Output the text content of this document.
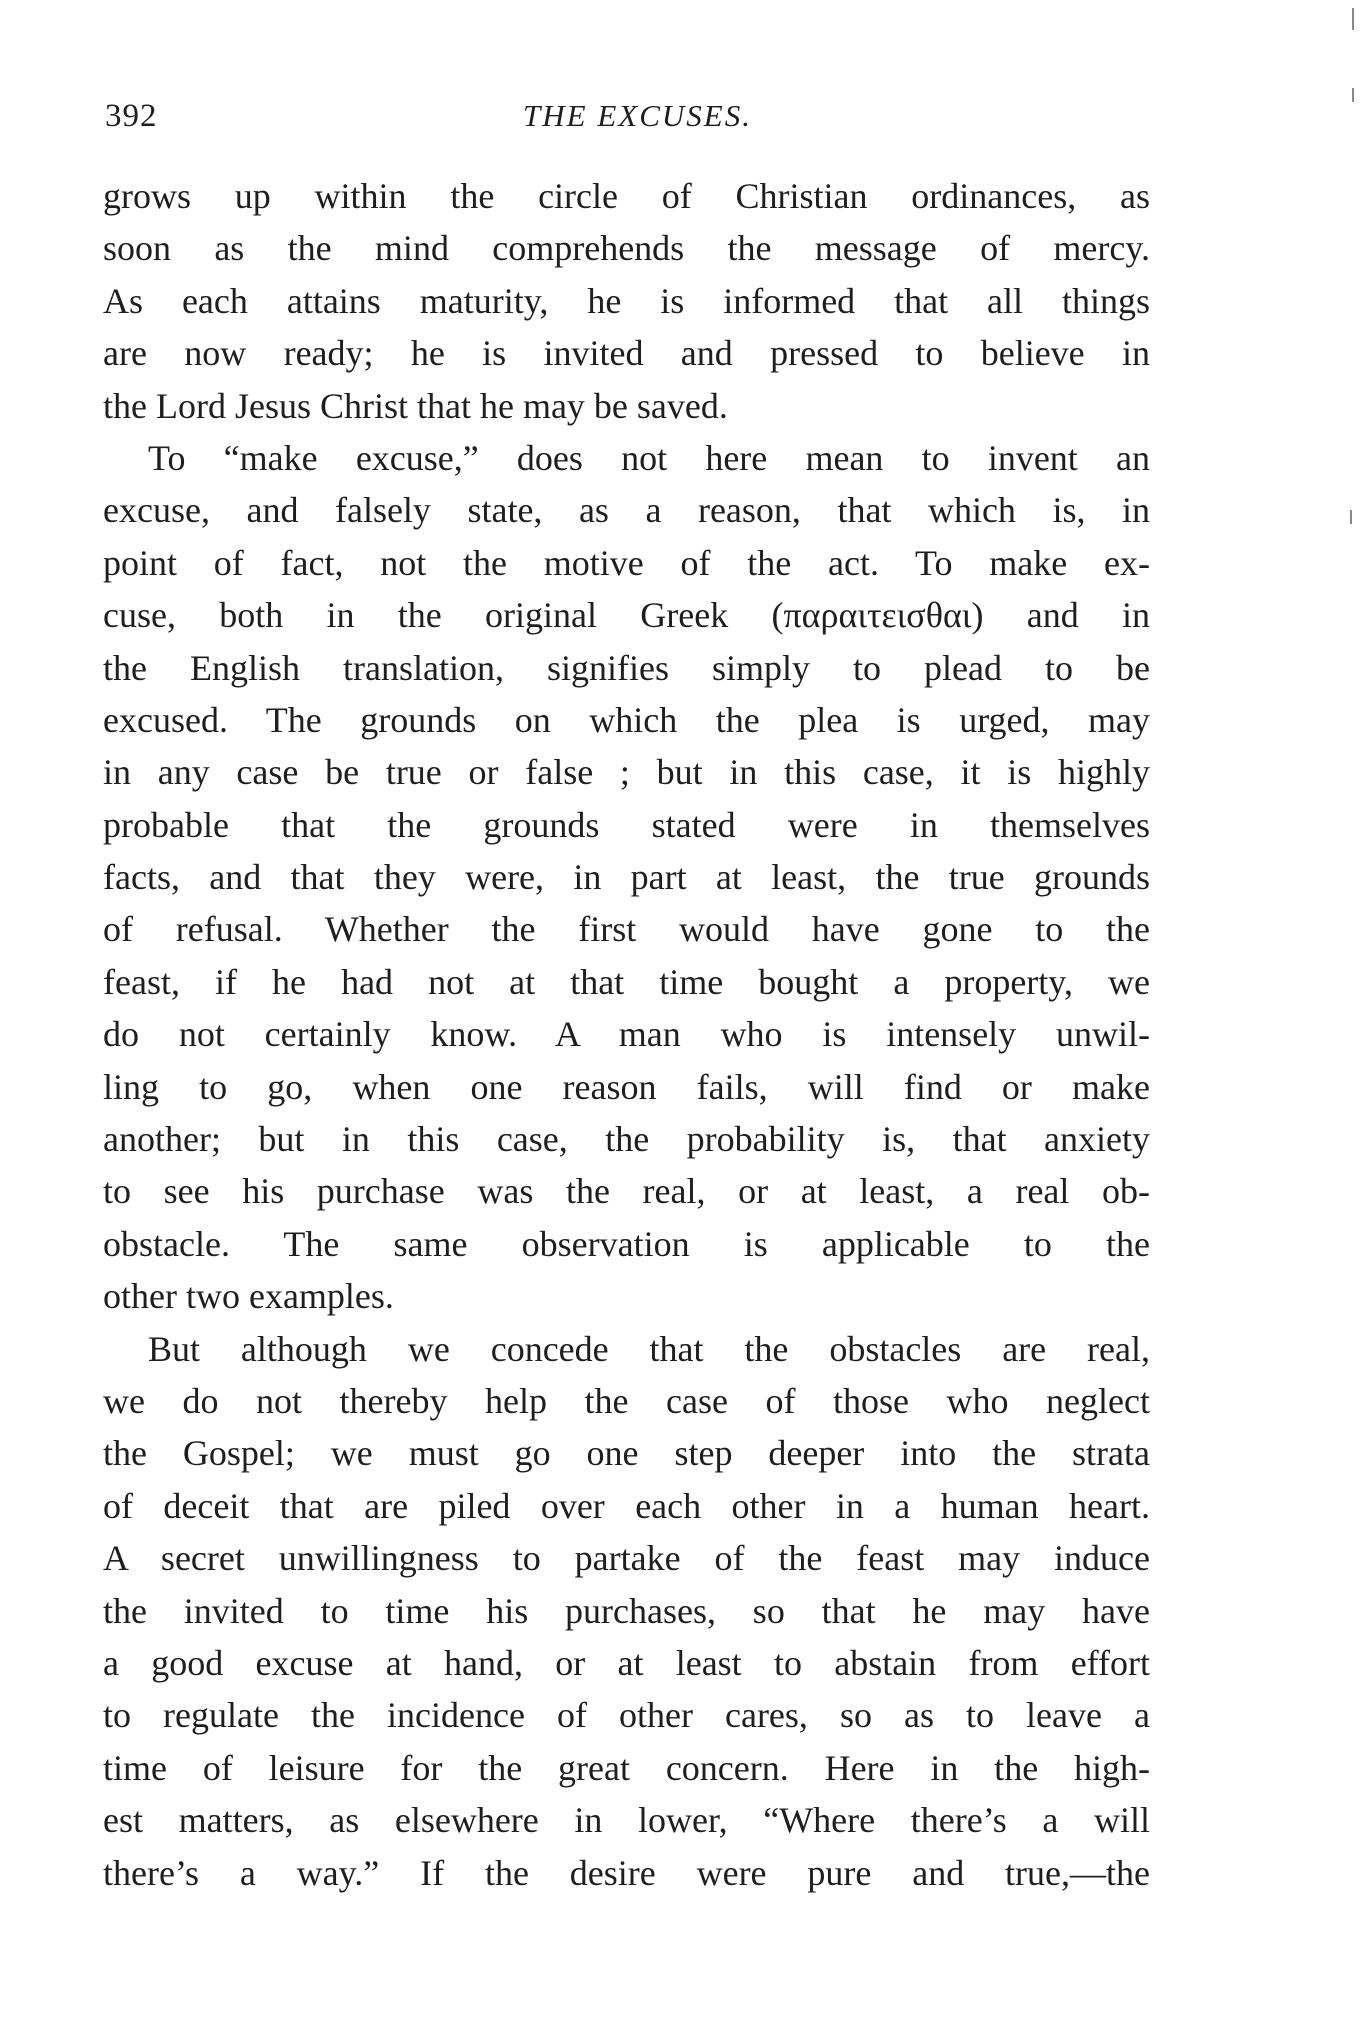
392	THE EXCUSES.
grows up within the circle of Christian ordinances, as
soon as the mind comprehends the message of mercy.
As each attains maturity, he is informed that all things
are now ready; he is invited and pressed to believe in
the Lord Jesus Christ that he may be saved.
To “make excuse,” does not here mean to invent an
excuse, and falsely state, as a reason, that which is, in
point of fact, not the motive of the act. To make ex-
cuse, both in the original Greek (παραιτεισθαι) and in
the English translation, signifies simply to plead to be
excused. The grounds on which the plea is urged, may
in any case be true or false ; but in this case, it is highly
probable that the grounds stated were in themselves
facts, and that they were, in part at least, the true grounds
of refusal. Whether the first would have gone to the
feast, if he had not at that time bought a property, we
do not certainly know. A man who is intensely unwil-
ling to go, when one reason fails, will find or make
another; but in this case, the probability is, that anxiety
to see his purchase was the real, or at least, a real ob-
obstacle. The same observation is applicable to the
other two examples.
But although we concede that the obstacles are real,
we do not thereby help the case of those who neglect
the Gospel; we must go one step deeper into the strata
of deceit that are piled over each other in a human heart.
A secret unwillingness to partake of the feast may induce
the invited to time his purchases, so that he may have
a good excuse at hand, or at least to abstain from effort
to regulate the incidence of other cares, so as to leave a
time of leisure for the great concern. Here in the high-
est matters, as elsewhere in lower, “Where there’s a will
there’s a way.” If the desire were pure and true,—the
